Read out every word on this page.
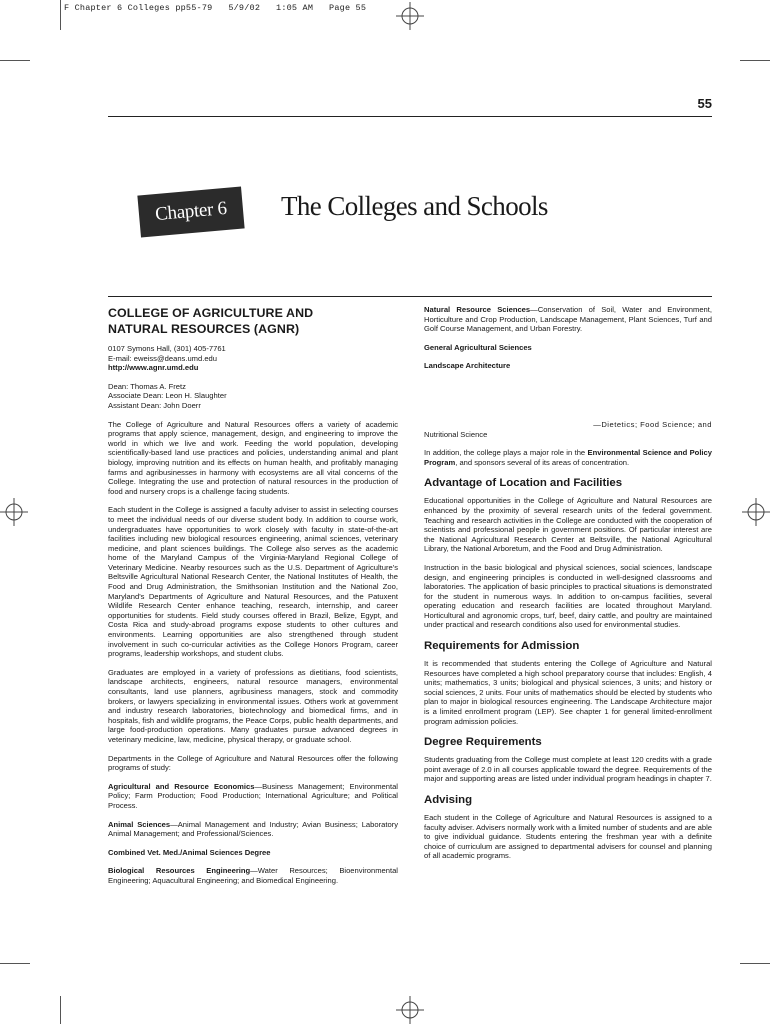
F Chapter 6 Colleges pp55-79   5/9/02   1:05 AM   Page 55
55
Chapter 6 The Colleges and Schools
COLLEGE OF AGRICULTURE AND
NATURAL RESOURCES (AGNR)
0107 Symons Hall, (301) 405-7761
E-mail: eweiss@deans.umd.edu
http://www.agnr.umd.edu
Dean: Thomas A. Fretz
Associate Dean: Leon H. Slaughter
Assistant Dean: John Doerr

The College of Agriculture and Natural Resources offers a variety of academic programs that apply science, management, design, and engineering to improve the world in which we live and work. Feeding the world population, developing scientifically-based land use practices and policies, understanding animal and plant biology, improving nutrition and its effects on human health, and profitably managing farms and agribusinesses in harmony with ecosystems are all vital concerns of the College. Integrating the use and protection of natural resources in the production of food and nursery crops is a challenge facing students.

Each student in the College is assigned a faculty adviser to assist in selecting courses to meet the individual needs of our diverse student body. In addition to course work, undergraduates have opportunities to work closely with faculty in state-of-the-art facilities including new biological resources engineering, animal sciences, veterinary medicine, and plant sciences buildings. The College also serves as the academic home of the Maryland Campus of the Virginia-Maryland Regional College of Veterinary Medicine. Nearby resources such as the U.S. Department of Agriculture's Beltsville Agricultural National Research Center, the National Institutes of Health, the Food and Drug Administration, the Smithsonian Institution and the National Zoo, Maryland's Departments of Agriculture and Natural Resources, and the Patuxent Wildlife Research Center enhance teaching, research, internship, and career opportunities for students. Field study courses offered in Brazil, Belize, Egypt, and Costa Rica and study-abroad programs expose students to other cultures and environments. Learning opportunities are also strengthened through student involvement in such co-curricular activities as the College Honors Program, career programs, leadership workshops, and student clubs.

Graduates are employed in a variety of professions as dietitians, food scientists, landscape architects, engineers, natural resource managers, environmental consultants, land use planners, agribusiness managers, stock and commodity brokers, or lawyers specializing in environmental issues. Others work at government and industry research laboratories, biotechnology and biomedical firms, and in hospitals, fish and wildlife programs, the Peace Corps, public health departments, and large food-production operations. Many graduates pursue advanced degrees in veterinary medicine, law, medicine, physical therapy, or graduate school.

Departments in the College of Agriculture and Natural Resources offer the following programs of study:

Agricultural and Resource Economics—Business Management; Environmental Policy; Farm Production; Food Production; International Agriculture; and Political Process.

Animal Sciences—Animal Management and Industry; Avian Business; Laboratory Animal Management; and Professional/Sciences.

Combined Vet. Med./Animal Sciences Degree

Biological Resources Engineering—Water Resources; Bioenvironmental Engineering; Aquacultural Engineering; and Biomedical Engineering.

Natural Resource Sciences—Conservation of Soil, Water and Environment, Horticulture and Crop Production, Landscape Management, Plant Sciences, Turf and Golf Course Management, and Urban Forestry.

General Agricultural Sciences

Landscape Architecture

—Dietetics; Food Science; and

Nutritional Science

In addition, the college plays a major role in the Environmental Science and Policy Program, and sponsors several of its areas of concentration.

Advantage of Location and Facilities

Educational opportunities in the College of Agriculture and Natural Resources are enhanced by the proximity of several research units of the federal government. Teaching and research activities in the College are conducted with the cooperation of scientists and professional people in government positions. Of particular interest are the National Agricultural Research Center at Beltsville, the National Agricultural Library, the National Arboretum, and the Food and Drug Administration.

Instruction in the basic biological and physical sciences, social sciences, landscape design, and engineering principles is conducted in well-designed classrooms and laboratories. The application of basic principles to practical situations is demonstrated for the student in numerous ways. In addition to on-campus facilities, several operating education and research facilities are located throughout Maryland. Horticultural and agronomic crops, turf, beef, dairy cattle, and poultry are maintained under practical and research conditions also used for environmental studies.

Requirements for Admission

It is recommended that students entering the College of Agriculture and Natural Resources have completed a high school preparatory course that includes: English, 4 units; mathematics, 3 units; biological and physical sciences, 3 units; and history or social sciences, 2 units. Four units of mathematics should be elected by students who plan to major in biological resources engineering. The Landscape Architecture major is a limited enrollment program (LEP). See chapter 1 for general limited-enrollment program admission policies.

Degree Requirements

Students graduating from the College must complete at least 120 credits with a grade point average of 2.0 in all courses applicable toward the degree. Requirements of the major and supporting areas are listed under individual program headings in chapter 7.

Advising

Each student in the College of Agriculture and Natural Resources is assigned to a faculty adviser. Advisers normally work with a limited number of students and are able to give individual guidance. Students entering the freshman year with a definite choice of curriculum are assigned to departmental advisers for counsel and planning of all academic programs.
